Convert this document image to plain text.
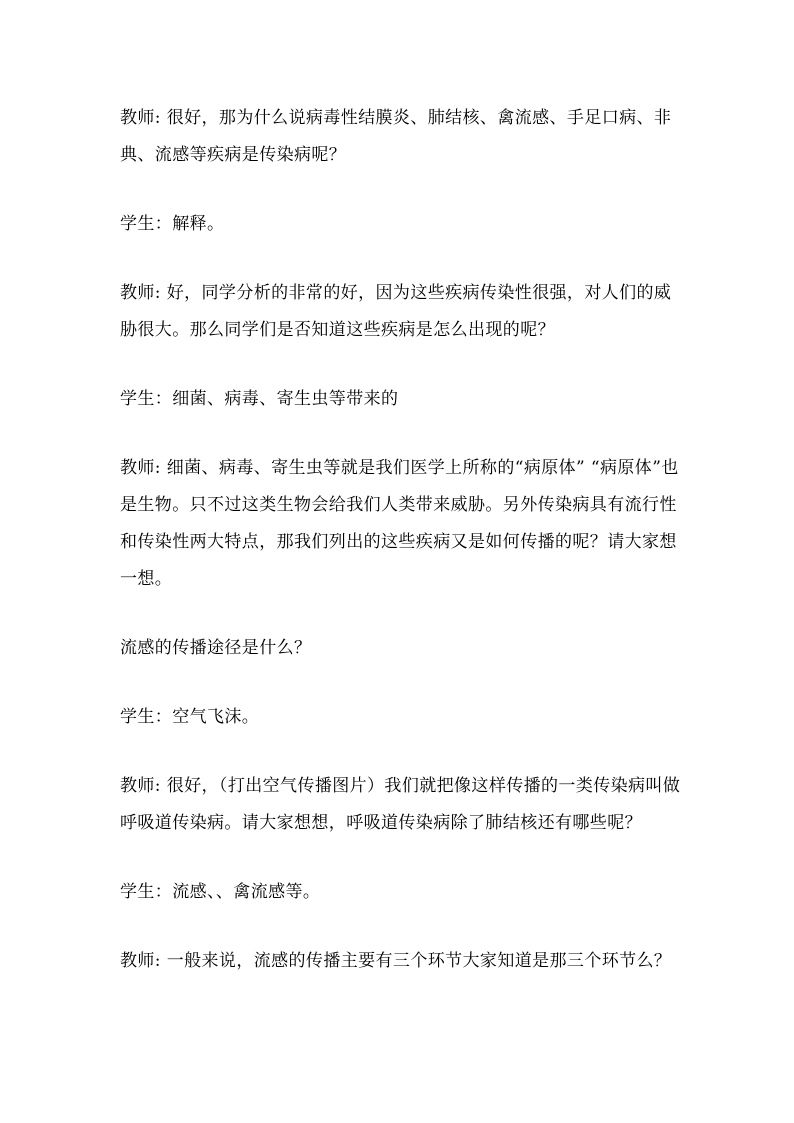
教师: 很好，那为什么说病毒性结膜炎、肺结核、禽流感、手足口病、非典、流感等疾病是传染病呢？

学生：解释。

教师: 好，同学分析的非常的好，因为这些疾病传染性很强，对人们的威胁很大。那么同学们是否知道这些疾病是怎么出现的呢？

学生：细菌、病毒、寄生虫等带来的

教师: 细菌、病毒、寄生虫等就是我们医学上所称的“病原体” “病原体”也是生物。只不过这类生物会给我们人类带来威胁。另外传染病具有流行性和传染性两大特点，那我们列出的这些疾病又是如何传播的呢？请大家想一想。

流感的传播途径是什么？

学生：空气飞沫。

教师: 很好，（打出空气传播图片）我们就把像这样传播的一类传染病叫做呼吸道传染病。请大家想想，呼吸道传染病除了肺结核还有哪些呢？

学生：流感、、禽流感等。

教师: 一般来说，流感的传播主要有三个环节大家知道是那三个环节么？
